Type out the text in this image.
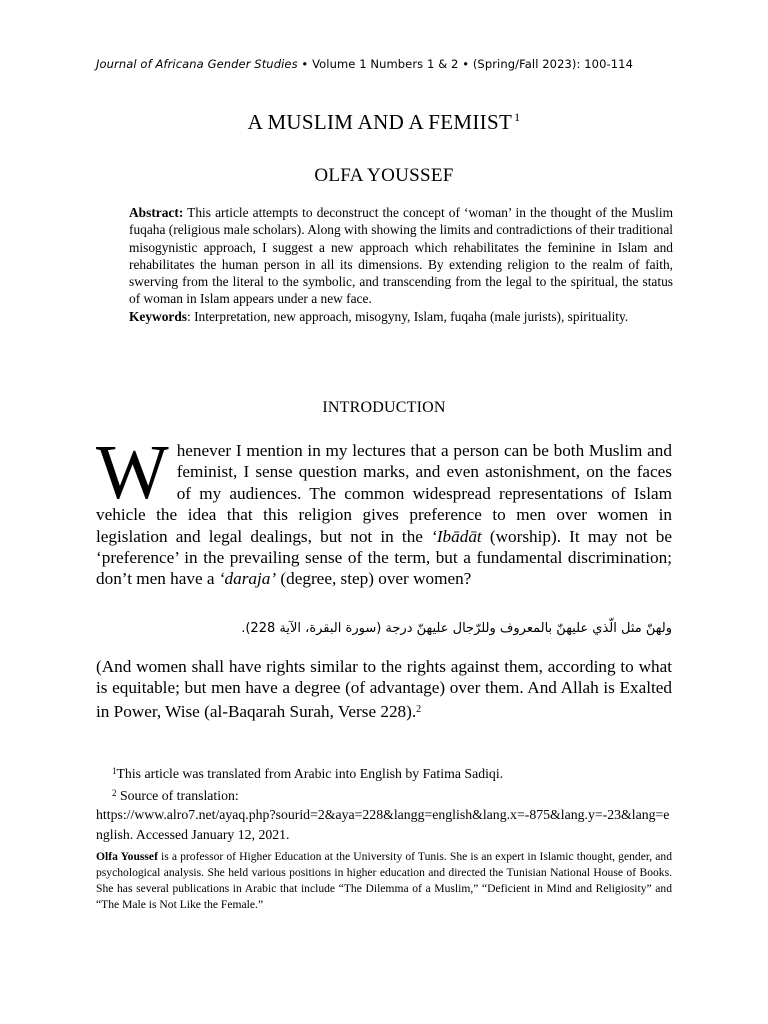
Journal of Africana Gender Studies • Volume 1 Numbers 1 & 2 • (Spring/Fall 2023): 100-114
A MUSLIM AND A FEMIIST $^1$
OLFA YOUSSEF

Abstract: This article attempts to deconstruct the concept of ‘woman’ in the thought of the Muslim fuqaha (religious male scholars). Along with showing the limits and contradictions of their traditional misogynistic approach, I suggest a new approach which rehabilitates the feminine in Islam and rehabilitates the human person in all its dimensions. By extending religion to the realm of faith, swerving from the literal to the symbolic, and transcending from the legal to the spiritual, the status of woman in Islam appears under a new face.

Keywords: Interpretation, new approach, misogyny, Islam, fuqaha (male jurists), spirituality.

INTRODUCTION

Whenever I mention in my lectures that a person can be both Muslim and feminist, I sense question marks, and even astonishment, on the faces of my audiences. The common widespread representations of Islam vehicle the idea that this religion gives preference to men over women in legislation and legal dealings, but not in the ‘Ibādāt (worship). It may not be ‘preference’ in the prevailing sense of the term, but a fundamental discrimination; don’t men have a ‘daraja’ (degree, step) over women?

ولهنّ مثل الّذي عليهنّ بالمعروف وللرّجال عليهنّ درجة (سورة البقرة، الآية 228).
(And women shall have rights similar to the rights against them, according to what is equitable; but men have a degree (of advantage) over them. And Allah is Exalted in Power, Wise (al-Baqarah Surah, Verse 228).$^2$

$^1$This article was translated from Arabic into English by Fatima Sadiqi.

$^2$ Source of translation:

https://www.alro7.net/ayaq.php?sourid=2&aya=228&langg=english&lang.x=-875&lang.y=-23&lang=english. Accessed January 12, 2021.

Olfa Youssef is a professor of Higher Education at the University of Tunis. She is an expert in Islamic thought, gender, and psychological analysis. She held various positions in higher education and directed the Tunisian National House of Books. She has several publications in Arabic that include “The Dilemma of a Muslim,” “Deficient in Mind and Religiosity” and “The Male is Not Like the Female.”
